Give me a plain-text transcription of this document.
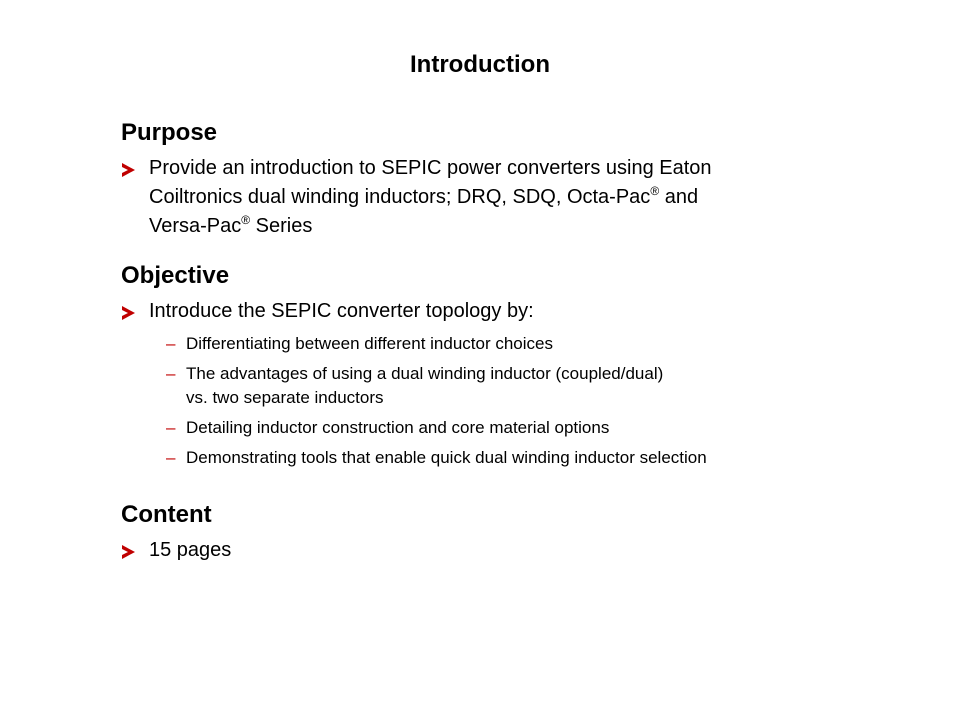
Introduction
Purpose
Provide an introduction to SEPIC power converters using Eaton
Coiltronics dual winding inductors; DRQ, SDQ, Octa-Pac® and
Versa-Pac® Series
Objective
Introduce the SEPIC converter topology by:
– Differentiating between different inductor choices
– The advantages of using a dual winding inductor (coupled/dual)
vs. two separate inductors
– Detailing inductor construction and core material options
– Demonstrating tools that enable quick dual winding inductor selection
Content
15 pages
